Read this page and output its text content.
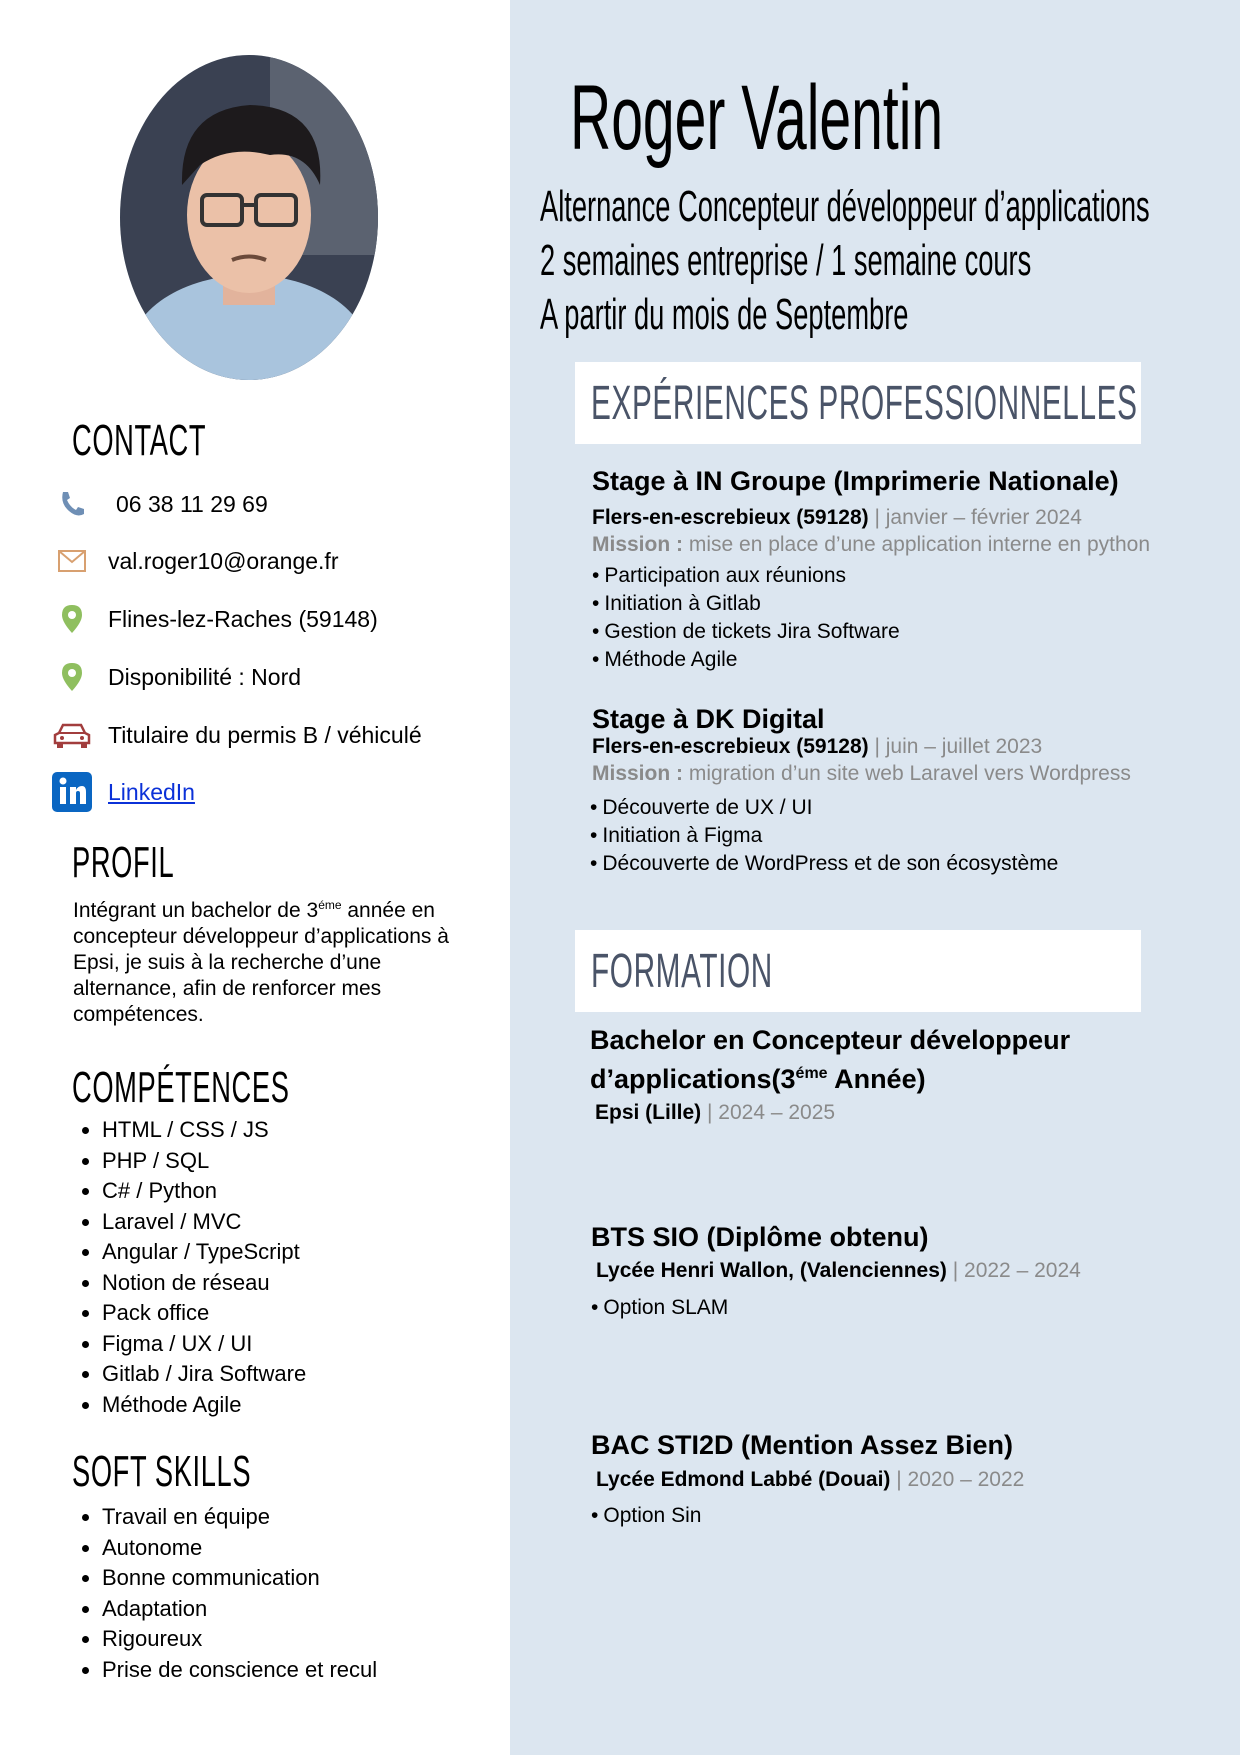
CONTACT
06 38 11 29 69
val.roger10@orange.fr
Flines-lez-Raches (59148)
Disponibilité : Nord
Titulaire du permis B / véhiculé
LinkedIn
PROFIL
Intégrant un bachelor de $3^{éme}$ année en concepteur développeur d’applications à Epsi, je suis à la recherche d’une alternance, afin de renforcer mes compétences.
COMPÉTENCES
• HTML / CSS / JS
• PHP / SQL
• C# / Python
• Laravel / MVC
• Angular / TypeScript
• Notion de réseau
• Pack office
• Figma / UX / UI
• Gitlab / Jira Software
• Méthode Agile
SOFT SKILLS
• Travail en équipe
• Autonome
• Bonne communication
• Adaptation
• Rigoureux
• Prise de conscience et recul
Roger Valentin
Alternance Concepteur développeur d’applications
2 semaines entreprise / 1 semaine cours
A partir du mois de Septembre
EXPÉRIENCES PROFESSIONNELLES
Stage à IN Groupe (Imprimerie Nationale)
Flers-en-escrebieux (59128) | janvier – février 2024
Mission : mise en place d’une application interne en python
• Participation aux réunions
• Initiation à Gitlab
• Gestion de tickets Jira Software
• Méthode Agile
Stage à DK Digital
Flers-en-escrebieux (59128) | juin – juillet 2023
Mission : migration d’un site web Laravel vers Wordpress
• Découverte de UX / UI
• Initiation à Figma
• Découverte de WordPress et de son écosystème
FORMATION
Bachelor en Concepteur développeur
$d’applications(3^{éme}$ Année)
Epsi (Lille) | 2024 – 2025
BTS SIO (Diplôme obtenu)
Lycée Henri Wallon, (Valenciennes) | 2022 – 2024
• Option SLAM
BAC STI2D (Mention Assez Bien)
Lycée Edmond Labbé (Douai) | 2020 – 2022
• Option Sin
